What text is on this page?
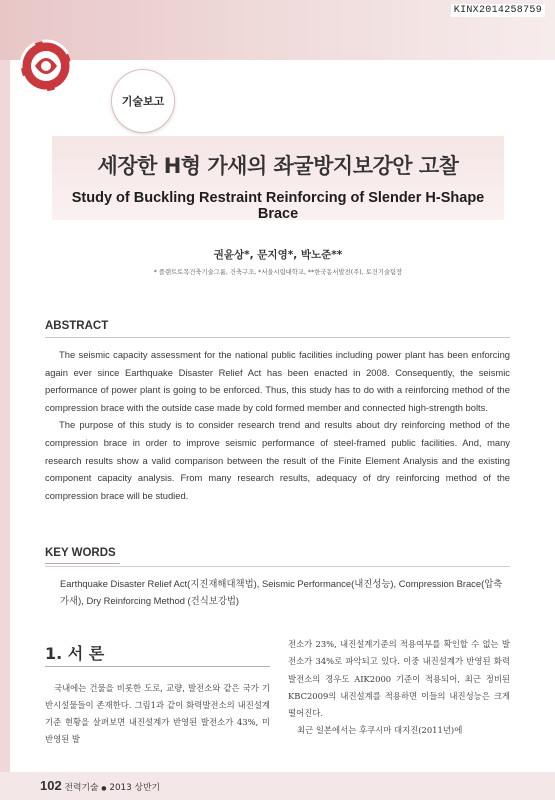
KINX2014258759
기술보고
세장한 H형 가새의 좌굴방지보강안 고찰
Study of Buckling Restraint Reinforcing of Slender H-Shape Brace
권윤상*, 문지영*, 박노준**
* 플랜트토목건축기술그룹, 건축구조, *서울시립대학교, **한국동서발전(주), 토건기술팀장
ABSTRACT

The seismic capacity assessment for the national public facilities including power plant has been enforcing again ever since Earthquake Disaster Relief Act has been enacted in 2008. Consequently, the seismic performance of power plant is going to be enforced. Thus, this study has to do with a reinforcing method of the compression brace with the outside case made by cold formed member and connected high-strength bolts.

The purpose of this study is to consider research trend and results about dry reinforcing method of the compression brace in order to improve seismic performance of steel-framed public facilities. And, many research results show a valid comparison between the result of the Finite Element Analysis and the existing component capacity analysis. From many research results, adequacy of dry reinforcing method of the compression brace will be studied.

KEY WORDS
Earthquake Disaster Relief Act(지진재해대책법), Seismic Performance(내진성능), Compression Brace(압축가새), Dry Reinforcing Method (건식보강법)
1. 서 론

국내에는 건물을 비롯한 도로, 교량, 발전소와 같은 국가 기반시설물들이 존재한다. 그림1과 같이 화력발전소의 내진설계기준 현황을 살펴보면 내진설계가 반영된 발전소가 43%, 미반영된 발

전소가 23%, 내진설계기준의 적용여부를 확인할 수 없는 발전소가 34%로 파악되고 있다. 이중 내진설계가 반영된 화력발전소의 경우도 AIK2000 기준이 적용되어, 최근 정비된 KBC2009의 내진설계를 적용하면 이들의 내진성능은 크게 떨어진다.

최근 일본에서는 후쿠시마 대지진(2011년)에

102 전력기술 ● 2013 상반기
